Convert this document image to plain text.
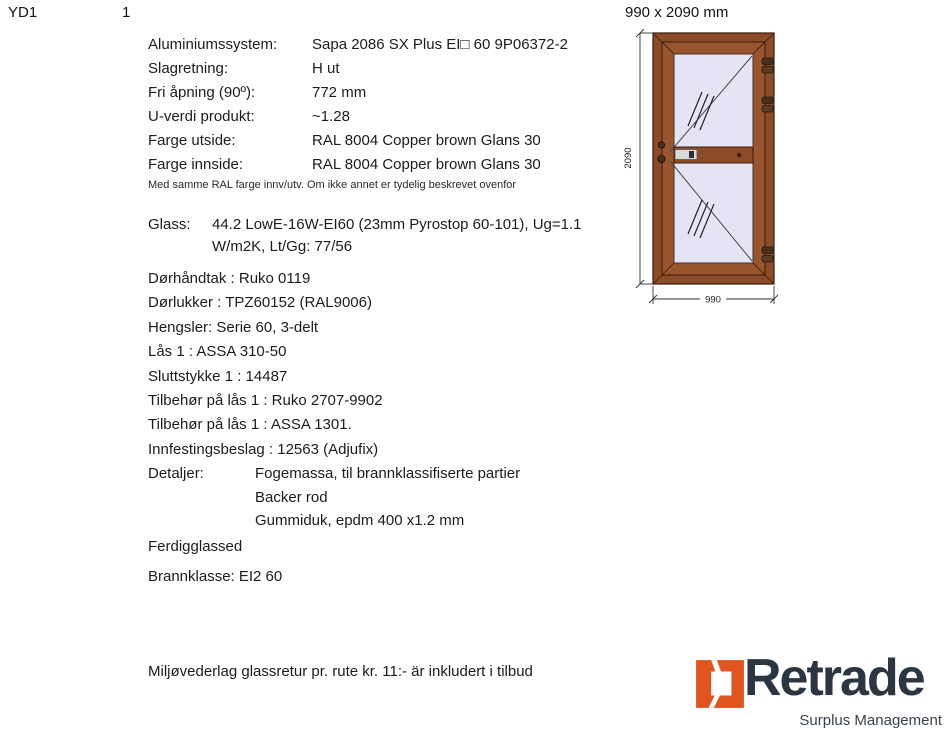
YD1	1	990 x 2090 mm
Aluminiumssystem:	Sapa 2086 SX Plus EI□ 60 9P06372-2
Slagretning:	H ut
Fri åpning (90º):	772 mm
U-verdi produkt:	~1.28
Farge utside:	RAL 8004 Copper brown Glans 30
Farge innside:	RAL 8004 Copper brown Glans 30
Med samme RAL farge innv/utv. Om ikke annet er tydelig beskrevet ovenfor
Glass:	44.2 LowE-16W-EI60 (23mm Pyrostop 60-101), Ug=1.1
W/m2K, Lt/Gg: 77/56
Dørhåndtak : Ruko 0119
Dørlukker : TPZ60152 (RAL9006)
Hengsler: Serie 60, 3-delt
Lås 1 : ASSA 310-50
Sluttstykke 1 : 14487
Tilbehør på lås 1 : Ruko 2707-9902
Tilbehør på lås 1 : ASSA 1301.
Innfestingsbeslag : 12563 (Adjufix)
Detaljer:	Fogemassa, til brannklassifiserte partier
Backer rod
Gummiduk, epdm 400 x1.2 mm
Ferdigglassed
Brannklasse: EI2 60
Miljøvederlag glassretur pr. rute kr. 11:- är inkludert i tilbud
2090
990
Retrade
Surplus Management
